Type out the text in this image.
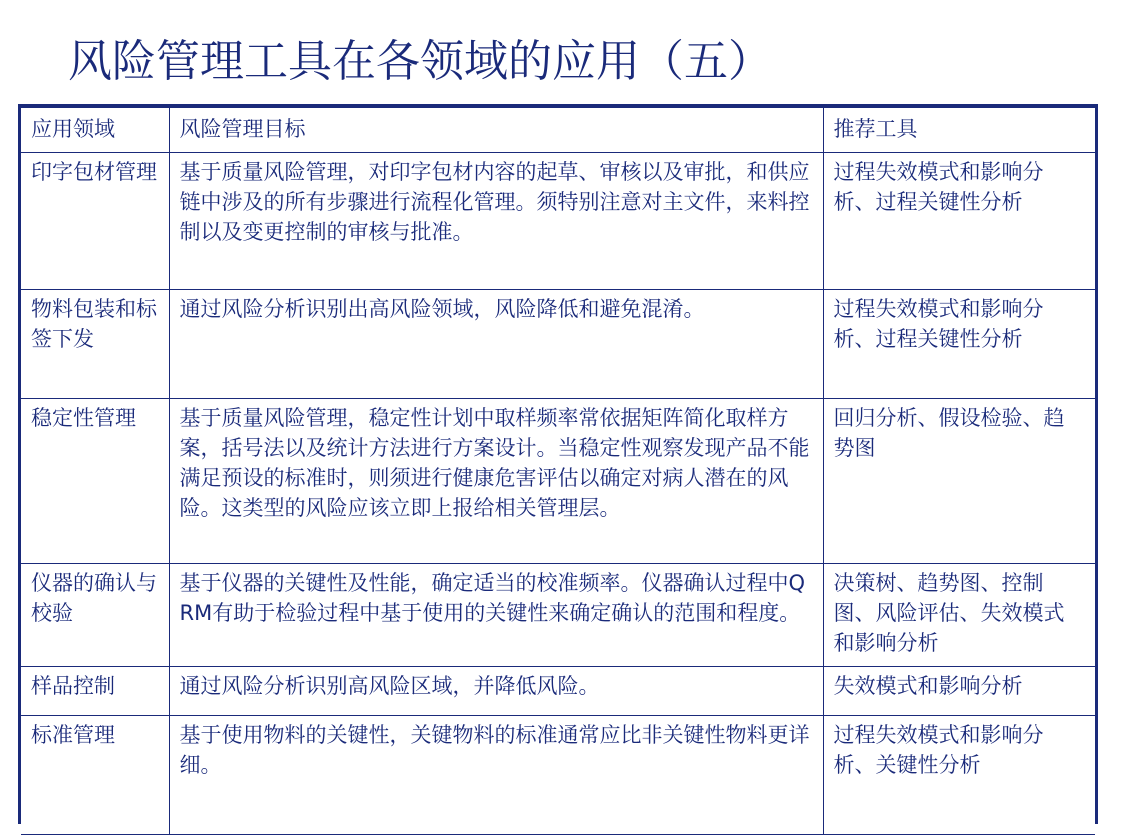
风险管理工具在各领域的应用（五）
应用领域	风险管理目标	推荐工具
印字包材管理	基于质量风险管理，对印字包材内容的起草、审核以及审批，和供应链中涉及的所有步骤进行流程化管理。须特别注意对主文件，来料控制以及变更控制的审核与批准。	过程失效模式和影响分析、过程关键性分析
物料包装和标签下发	通过风险分析识别出高风险领域，风险降低和避免混淆。	过程失效模式和影响分析、过程关键性分析
稳定性管理	基于质量风险管理，稳定性计划中取样频率常依据矩阵简化取样方案，括号法以及统计方法进行方案设计。当稳定性观察发现产品不能满足预设的标准时，则须进行健康危害评估以确定对病人潜在的风险。这类型的风险应该立即上报给相关管理层。	回归分析、假设检验、趋势图
仪器的确认与校验	基于仪器的关键性及性能，确定适当的校准频率。仪器确认过程中QRM有助于检验过程中基于使用的关键性来确定确认的范围和程度。	决策树、趋势图、控制图、风险评估、失效模式和影响分析
样品控制	通过风险分析识别高风险区域，并降低风险。	失效模式和影响分析
标准管理	基于使用物料的关键性，关键物料的标准通常应比非关键性物料更详细。	过程失效模式和影响分析、关键性分析
